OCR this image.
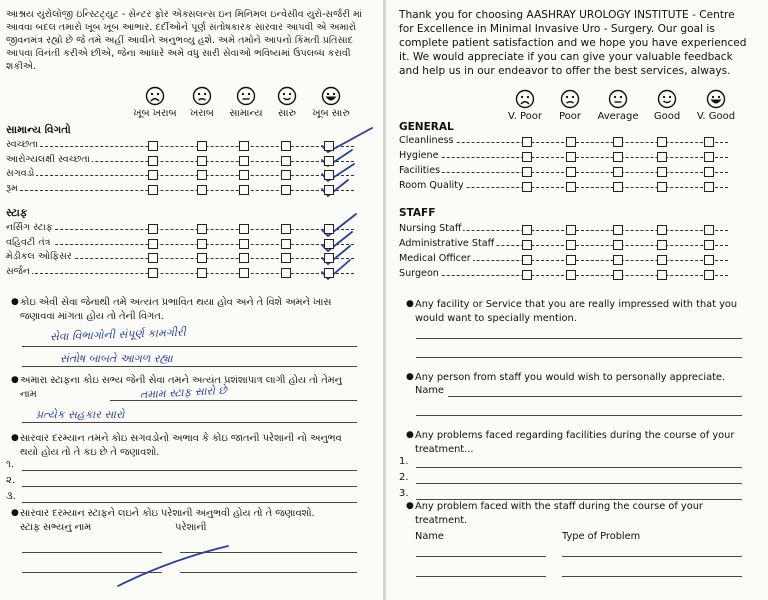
આશ્રય યુરોલોજી ઇન્સ્ટિટ્યુટ - સેન્ટર ફોર એક્સલન્સ ઇન મિનિમલ ઇન્વેસીવ યુરો-સર્જરી માં આવવા બદલ તમારો ખૂબ ખૂબ આભાર. દર્દીઓને પૂર્ણ સંતોષકારક સારવાર આપવી એ અમારો જીવનમંત્ર રહ્યો છે જે તમે અહીં આવીને અનુભવ્યુ હશે. અમે તમોને આપનો કિંમતી પ્રતિસાદ આપવા વિનંતી કરીએ છીએ, જેના આધારે અમે વધુ સારી સેવાઓ ભવિષ્યમાં ઉપલબ્ધ કરાવી શકીએ.
ખૂબ ખરાબ	ખરાબ	સામાન્ય	સારુ	ખૂબ સારુ
સામાન્ય વિગતો
સ્વચ્છતા
આરોગ્યલક્ષી સ્વચ્છતા
સગવડો
રૂમ
સ્ટાફ
નર્સિંગ સ્ટાફ
વહિવટી તંત્ર
મેડીકલ ઓફિસર
સર્જન
● કોઇ એવી સેવા જેનાથી તમે અત્યંત પ્રભાવિત થયા હોવ અને તે વિશે અમને ખાસ જણાવવા માંગતા હોય તો તેની વિગત.
સેવા વિભાગોની સંપૂર્ણ કામગીરી
સંતોષ બાબતે આગળ રહ્યા
● અમારા સ્ટાફના કોઇ સભ્ય જેની સેવા તમને અત્યંત પ્રશંશાપાત્ર લાગી હોય તો તેમનુ નામ	તમામ સ્ટાફ સારો છે
પ્રત્યેક સહકાર સારો
● સારવાર દરમ્યાન તમને કોઇ સગવડોનો અભાવ કે કોઇ જાતની પરેશાની નો અનુભવ થયો હોય તો તે કઇ છે તે જણાવશો.
૧.
૨.
૩.
● સારવાર દરમ્યાન સ્ટાફને લઇને કોઇ પરેશાની અનુભવી હોય તો તે જણાવશો.
સ્ટાફ સભ્યનું નામ	પરેશાની
Thank you for choosing AASHRAY UROLOGY INSTITUTE - Centre for Excellence in Minimal Invasive Uro - Surgery. Our goal is complete patient satisfaction and we hope you have experienced it. We would appreciate if you can give your valuable feedback and help us in our endeavor to offer the best services, always.
V. Poor	Poor	Average	Good	V. Good
GENERAL
Cleanliness
Hygiene
Facilities
Room Quality
STAFF
Nursing Staff
Administrative Staff
Medical Officer
Surgeon
● Any facility or Service that you are really impressed with that you would want to specially mention.
● Any person from staff you would wish to personally appreciate.
Name
● Any problems faced regarding facilities during the course of your treatment...
1.
2.
3.
● Any problem faced with the staff during the course of your treatment.
Name	Type of Problem
